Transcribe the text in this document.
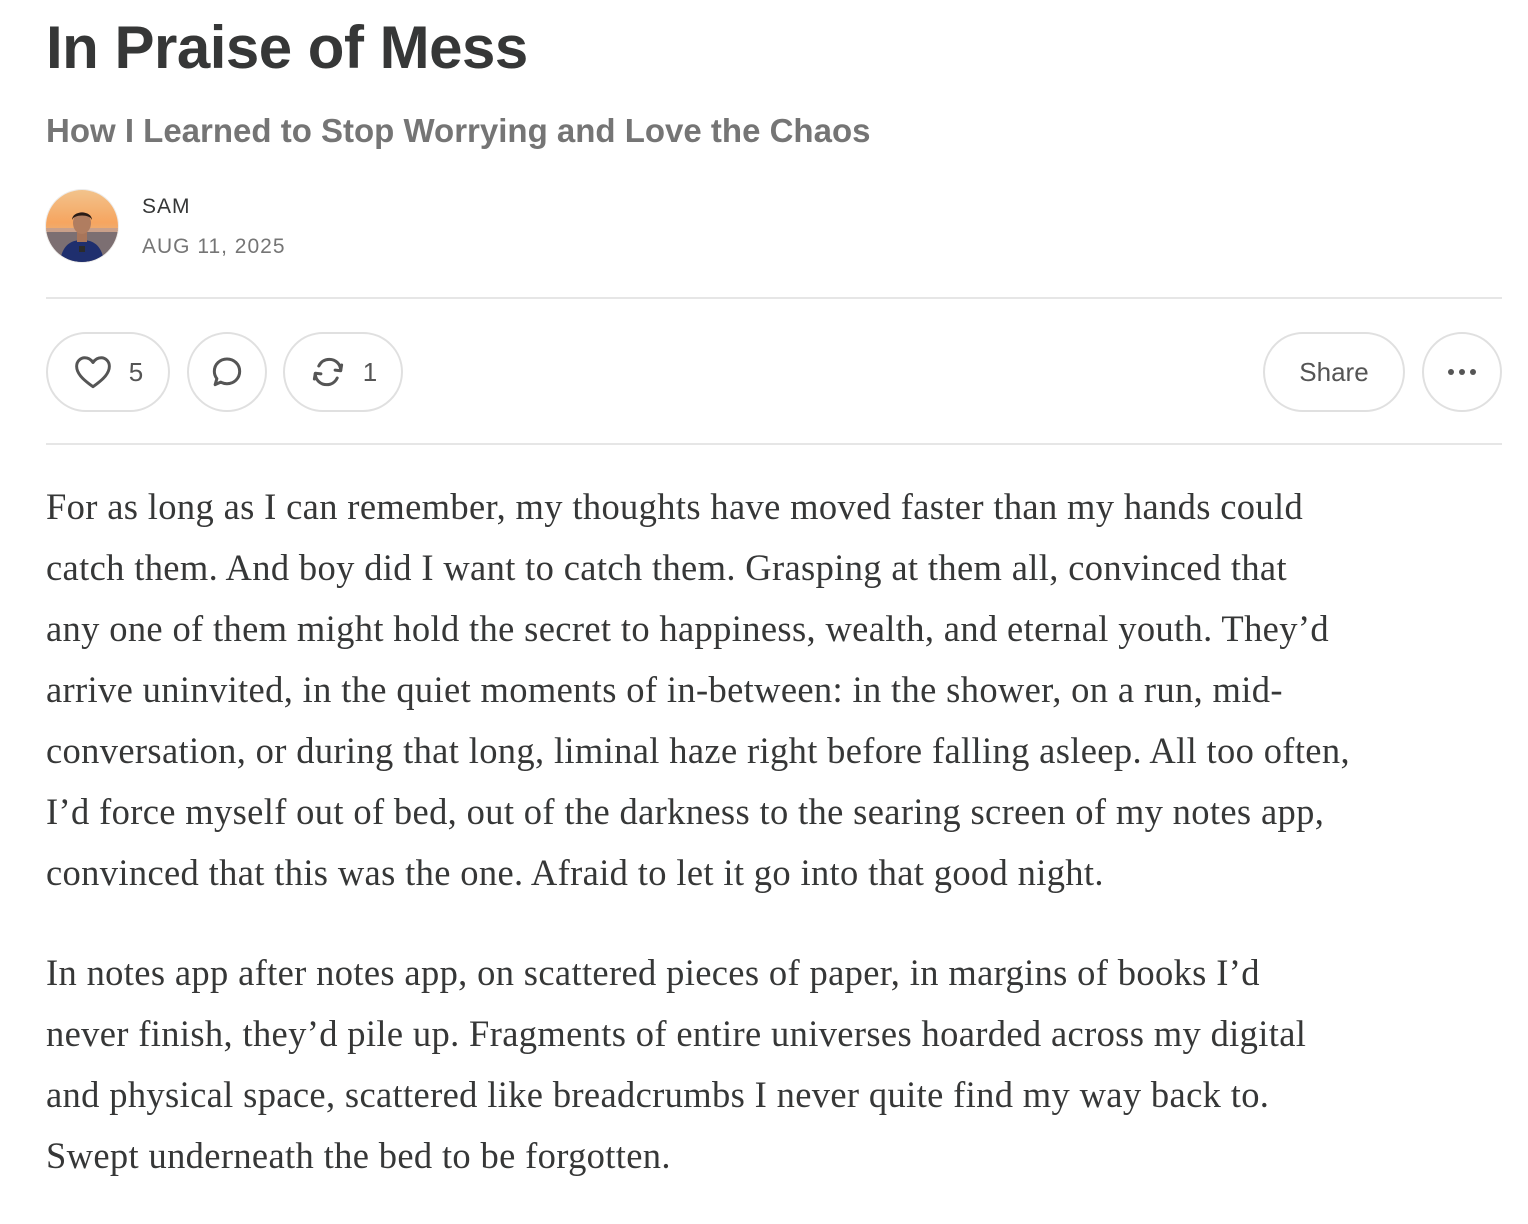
In Praise of Mess
How I Learned to Stop Worrying and Love the Chaos
SAM
AUG 11, 2025
5	1	Share

For as long as I can remember, my thoughts have moved faster than my hands could
catch them. And boy did I want to catch them. Grasping at them all, convinced that
any one of them might hold the secret to happiness, wealth, and eternal youth. They’d
arrive uninvited, in the quiet moments of in-between: in the shower, on a run, mid-
conversation, or during that long, liminal haze right before falling asleep. All too often,
I’d force myself out of bed, out of the darkness to the searing screen of my notes app,
convinced that this was the one. Afraid to let it go into that good night.

In notes app after notes app, on scattered pieces of paper, in margins of books I’d
never finish, they’d pile up. Fragments of entire universes hoarded across my digital
and physical space, scattered like breadcrumbs I never quite find my way back to.
Swept underneath the bed to be forgotten.
